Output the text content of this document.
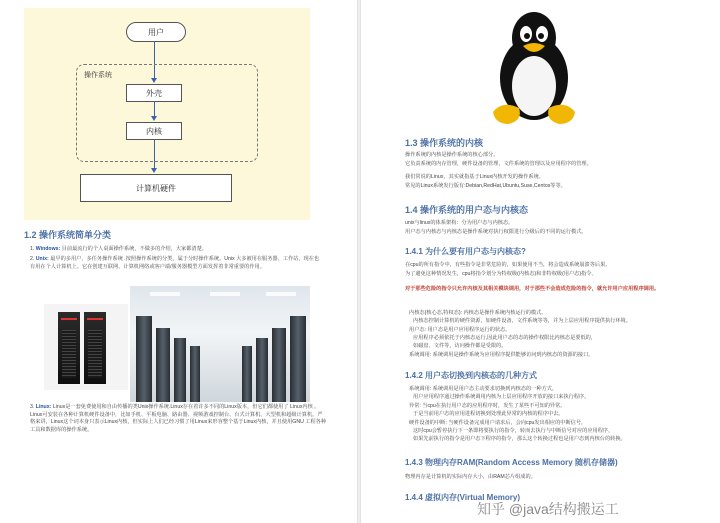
用户
操作系统
外壳
内核
计算机硬件
1.2 操作系统简单分类
1. Windows: 目前最流行的个人桌面操作系统，不做多的介绍，大家都清楚。
2. Unix: 最早的多用户、多任务操作系统 .按照操作系统的分类，属于分时操作系统。Unix 大多被用在服务器、工作站，现在也有用在个人计算机上。它在创建互联网、计算机网络或客户端/服务器模型方面发挥着非常重要的作用。
3. Linux: Linux是一套免费使用和自由传播的类Unix操作系统.Linux存在着许多不同的Linux版本，但它们都使用了 Linux内核 。Linux可安装在各种计算机硬件设备中，比如手机、平板电脑、路由器、视频游戏控制台、台式计算机、大型机和超级计算机。严格来讲，Linux这个词本身只表示Linux内核，但实际上人们已经习惯了用Linux来形容整个基于Linux内核，并且使用GNU 工程各种工具和数据库的操作系统。
1.3 操作系统的内核
操作系统的内核是操作系统的核心部分。
它负责系统的内存管理，硬件设备的管理，文件系统的管理以及应用程序的管理。
我们常说的Linux，其实就指基于Linux内核开发的操作系统。
常见的Linux系统发行版有:Debian,RedHat,Ubuntu,Suse,Centos等等。
1.4 操作系统的用户态与内核态
unix与linux的体系架构：分为用户态与内核态。
用户态与内核态与内核态是操作系统对执行权限进行分级后的不同的运行模式。
1.4.1 为什么要有用户态与内核态?
在cpu的所有指令中，有些指令是非常危险的，如果使用不当，将会造成系统崩溃等后果。
为了避免这种情况发生，cpu将指令划分为特权级(内核态)和非特权级(用户态)指令。
对于那些危险的指令只允许内核及其相关模块调用，对于那些不会造成危险的指令，就允许用户应用程序调用。
内核态(核心态,特权态): 内核态是操作系统内核运行的模式。
内核态控制计算机的硬件资源，如硬件设备，文件系统等等，并为上层应用程序提供执行环境。
用户态: 用户态是用户应用程序运行的状态。
应用程序必须依托于内核态运行,因此用户态的态的操作权限比内核态是要低的，
如磁盘、文件等，访问操作都是受限的。
系统调用: 系统调用是操作系统为应用程序提供能够访问到内核态的资源的接口。
1.4.2 用户态切换到内核态的几种方式
系统调用: 系统调用是用户态主动要求切换到内核态的一种方式，
用户应用程序通过操作系统调用内核为上层应用程序开放的接口来执行程序。
异常: 当cpu在执行用户态的应用程序时，发生了某些不可知的异常。
于是当前用户态的应用进程切换到处理此异常的内核的程序中去。
硬件设备的中断: 当硬件设备完成用户请求后，会向cpu发出相应的中断信号，
这时cpu会暂停执行下一条即将要执行的指令，转而去执行与中断信号对应的应用程序，
如果先前执行的指令是用户态下程序的指令，那么这个转换过程也是用户态到内核台的转换。
1.4.3 物理内存RAM(Random Access Memory 随机存储器)
物理内存是计算机的实际内存大小，由RAM芯片组成的。
1.4.4 虚拟内存(Virtual Memory)
知乎 @java结构搬运工
